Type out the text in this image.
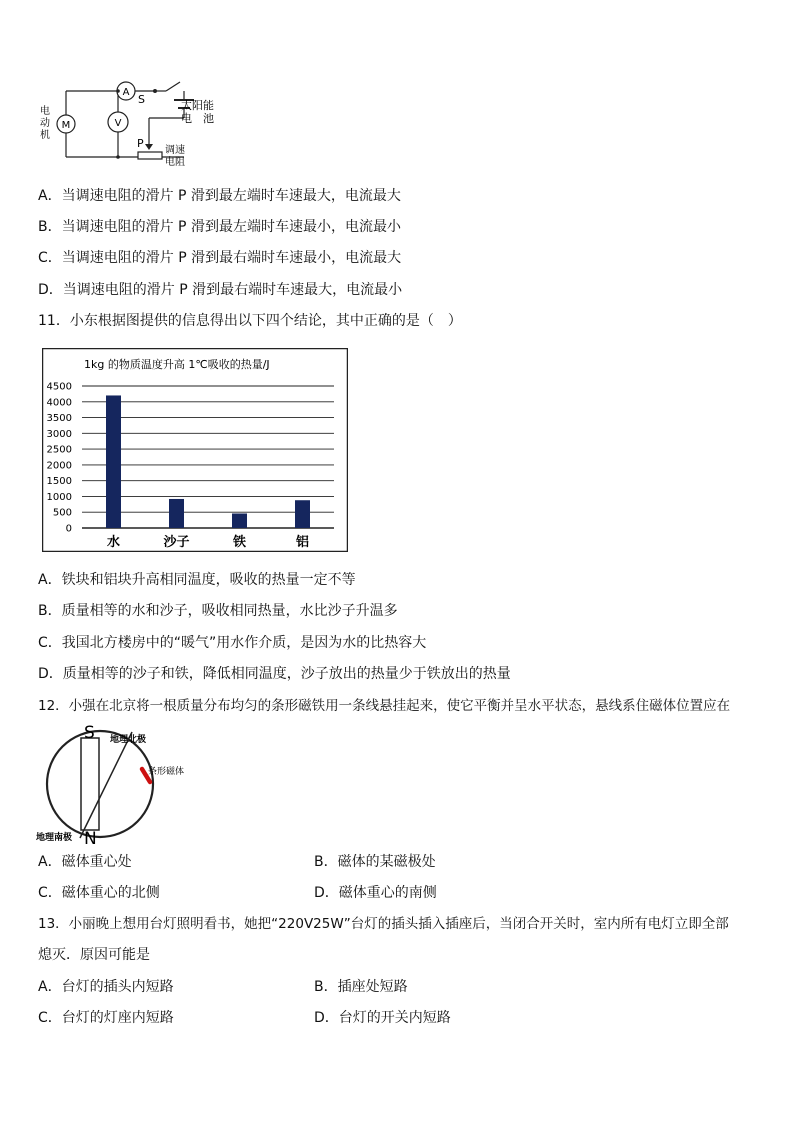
M
A
V
电
动
机
S	太阳能
电　池
P
调速
电阻
A．当调速电阻的滑片 P 滑到最左端时车速最大，电流最大
B．当调速电阻的滑片 P 滑到最左端时车速最小，电流最小
C．当调速电阻的滑片 P 滑到最右端时车速最小，电流最大
D．当调速电阻的滑片 P 滑到最右端时车速最大，电流最小
11．小东根据图提供的信息得出以下四个结论，其中正确的是（　）
1kg 的物质温度升高 1℃吸收的热量/J
0
500
1000
1500
2000
2500
3000
3500
4000
4500
水	沙子	铁	铝
A．铁块和铝块升高相同温度，吸收的热量一定不等
B．质量相等的水和沙子，吸收相同热量，水比沙子升温多
C．我国北方楼房中的“暖气”用水作介质，是因为水的比热容大
D．质量相等的沙子和铁，降低相同温度，沙子放出的热量少于铁放出的热量
12．小强在北京将一根质量分布均匀的条形磁铁用一条线悬挂起来，使它平衡并呈水平状态，悬线系住磁体位置应在
S
N
地理北极
地理南极
条形磁体
A．磁体重心处	B．磁体的某磁极处
C．磁体重心的北侧	D．磁体重心的南侧
13．小丽晚上想用台灯照明看书，她把“220V25W”台灯的插头插入插座后，当闭合开关时，室内所有电灯立即全部
熄灭．原因可能是
A．台灯的插头内短路	B．插座处短路
C．台灯的灯座内短路	D．台灯的开关内短路
